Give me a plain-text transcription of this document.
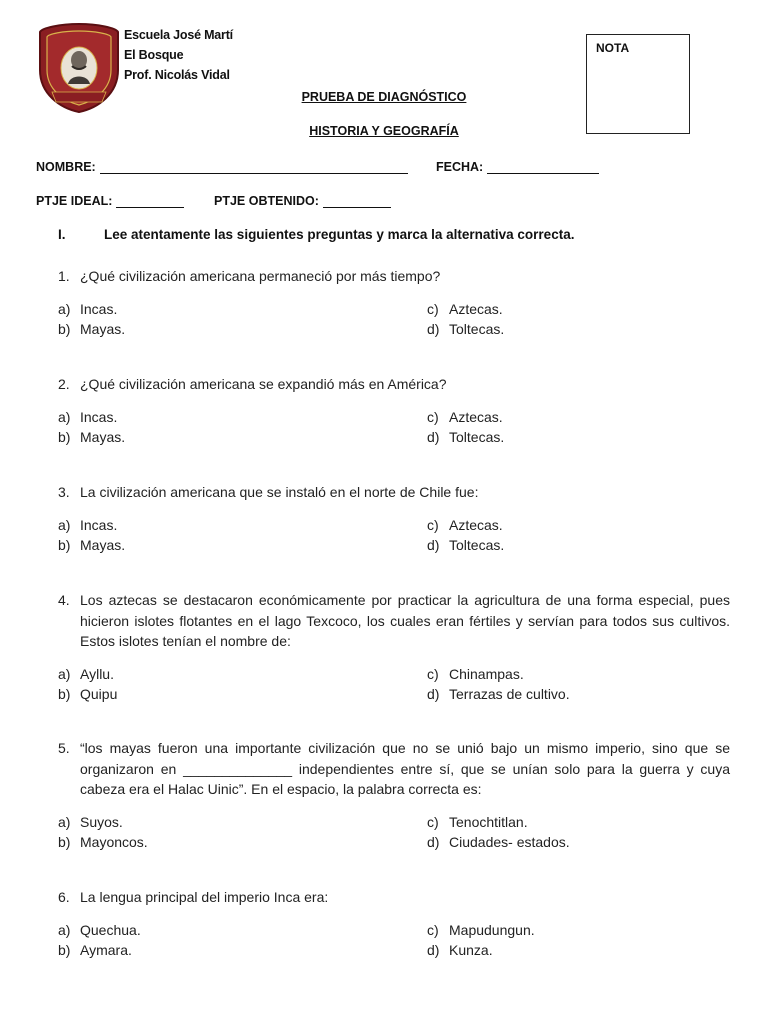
Escuela José Martí
El Bosque
Prof. Nicolás Vidal
NOTA
PRUEBA DE DIAGNÓSTICO
HISTORIA Y GEOGRAFÍA
NOMBRE:	FECHA:
PTJE IDEAL:	PTJE OBTENIDO:
I.	Lee atentamente las siguientes preguntas y marca la alternativa correcta.
1. ¿Qué civilización americana permaneció por más tiempo?
a) Incas.
b) Mayas.
c) Aztecas.
d) Toltecas.
2. ¿Qué civilización americana se expandió más en América?
a) Incas.
b) Mayas.
c) Aztecas.
d) Toltecas.
3. La civilización americana que se instaló en el norte de Chile fue:
a) Incas.
b) Mayas.
c) Aztecas.
d) Toltecas.
4. Los aztecas se destacaron económicamente por practicar la agricultura de una forma especial, pues hicieron islotes flotantes en el lago Texcoco, los cuales eran fértiles y servían para todos sus cultivos. Estos islotes tenían el nombre de:
a) Ayllu.
b) Quipu
c) Chinampas.
d) Terrazas de cultivo.
5. “los mayas fueron una importante civilización que no se unió bajo un mismo imperio, sino que se organizaron en ______________ independientes entre sí, que se unían solo para la guerra y cuya cabeza era el Halac Uinic”. En el espacio, la palabra correcta es:
a) Suyos.
b) Mayoncos.
c) Tenochtitlan.
d) Ciudades- estados.
6. La lengua principal del imperio Inca era:
a) Quechua.
b) Aymara.
c) Mapudungun.
d) Kunza.
